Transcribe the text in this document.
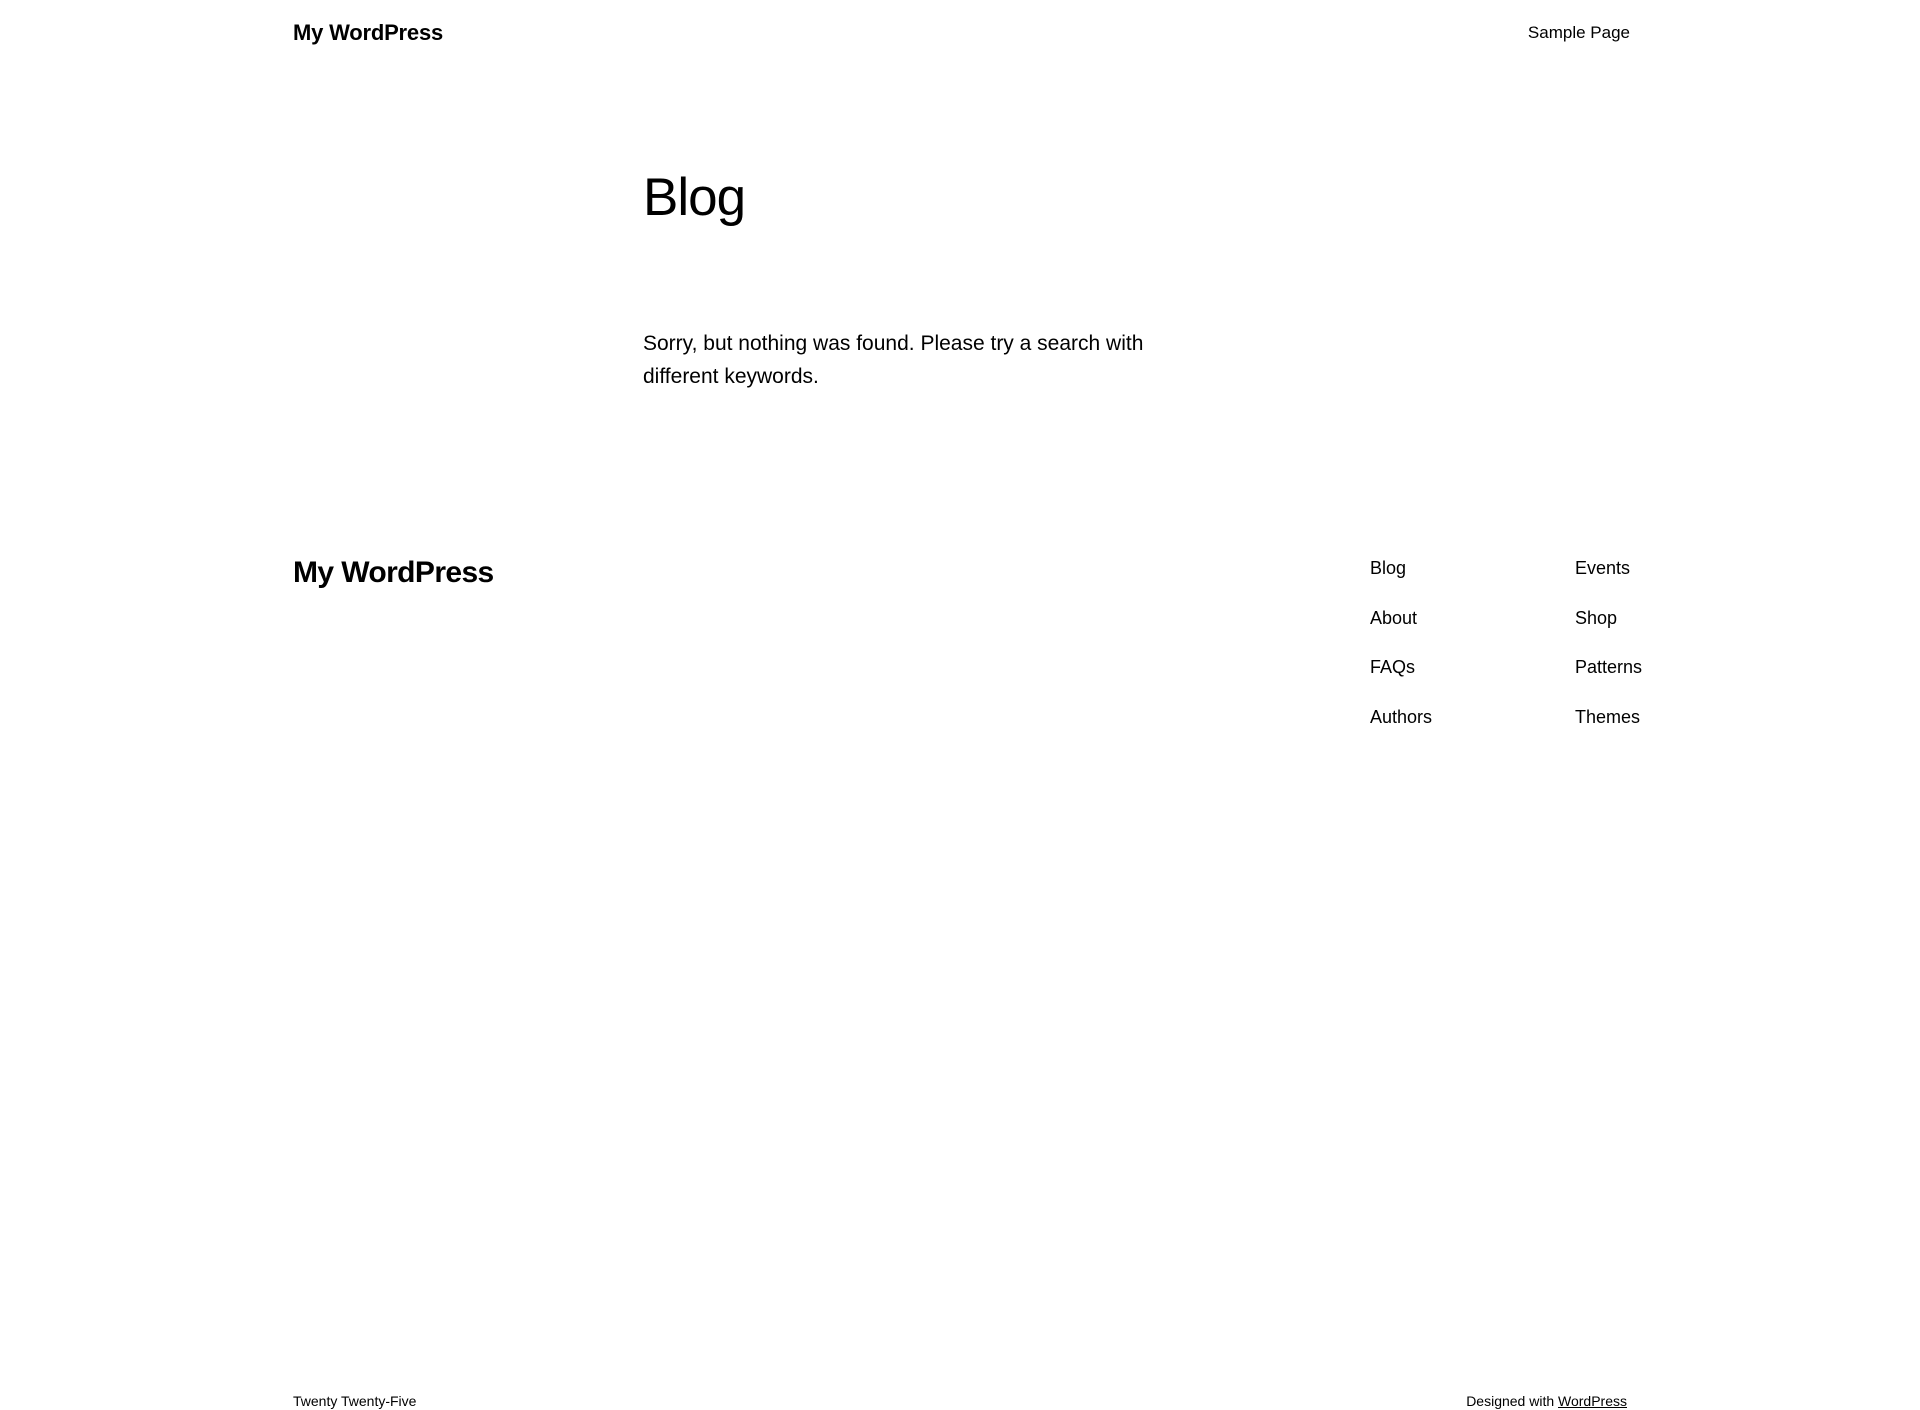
My WordPress	Sample Page
Blog

Sorry, but nothing was found. Please try a search with different keywords.

My WordPress	Blog
About
FAQs
Authors
Events
Shop
Patterns
Themes
Twenty Twenty-Five	Designed with WordPress
